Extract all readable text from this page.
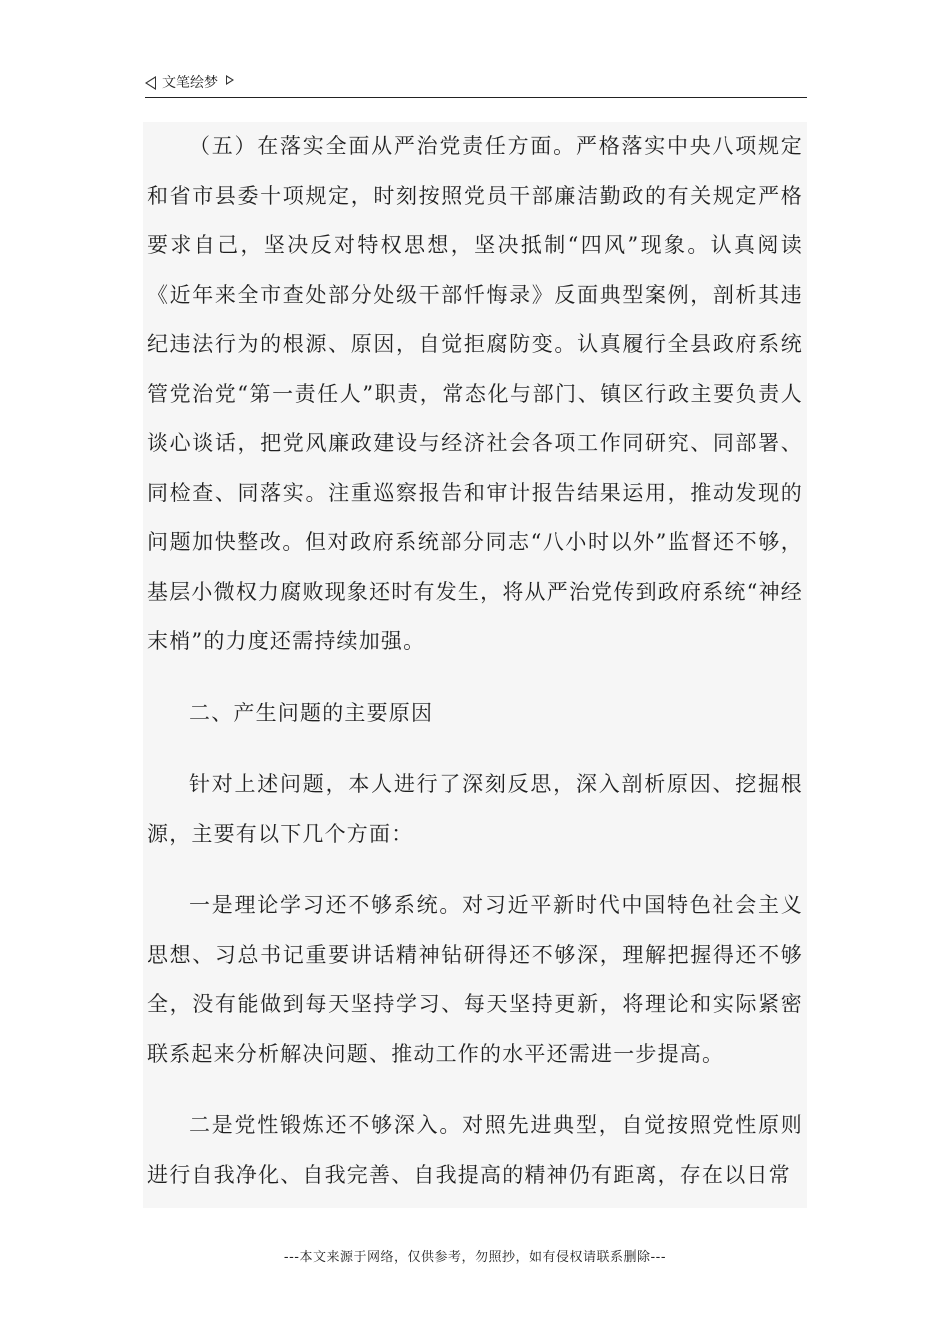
文笔绘梦

（五）在落实全面从严治党责任方面。严格落实中央八项规定和省市县委十项规定，时刻按照党员干部廉洁勤政的有关规定严格要求自己，坚决反对特权思想，坚决抵制“四风”现象。认真阅读《近年来全市查处部分处级干部忏悔录》反面典型案例，剖析其违纪违法行为的根源、原因，自觉拒腐防变。认真履行全县政府系统管党治党“第一责任人”职责，常态化与部门、镇区行政主要负责人谈心谈话，把党风廉政建设与经济社会各项工作同研究、同部署、同检查、同落实。注重巡察报告和审计报告结果运用，推动发现的问题加快整改。但对政府系统部分同志“八小时以外”监督还不够，基层小微权力腐败现象还时有发生，将从严治党传到政府系统“神经末梢”的力度还需持续加强。

二、产生问题的主要原因

针对上述问题，本人进行了深刻反思，深入剖析原因、挖掘根源，主要有以下几个方面：

一是理论学习还不够系统。对习近平新时代中国特色社会主义思想、习总书记重要讲话精神钻研得还不够深，理解把握得还不够全，没有能做到每天坚持学习、每天坚持更新，将理论和实际紧密联系起来分析解决问题、推动工作的水平还需进一步提高。

二是党性锻炼还不够深入。对照先进典型，自觉按照党性原则进行自我净化、自我完善、自我提高的精神仍有距离，存在以日常

---本文来源于网络，仅供参考，勿照抄，如有侵权请联系删除---
